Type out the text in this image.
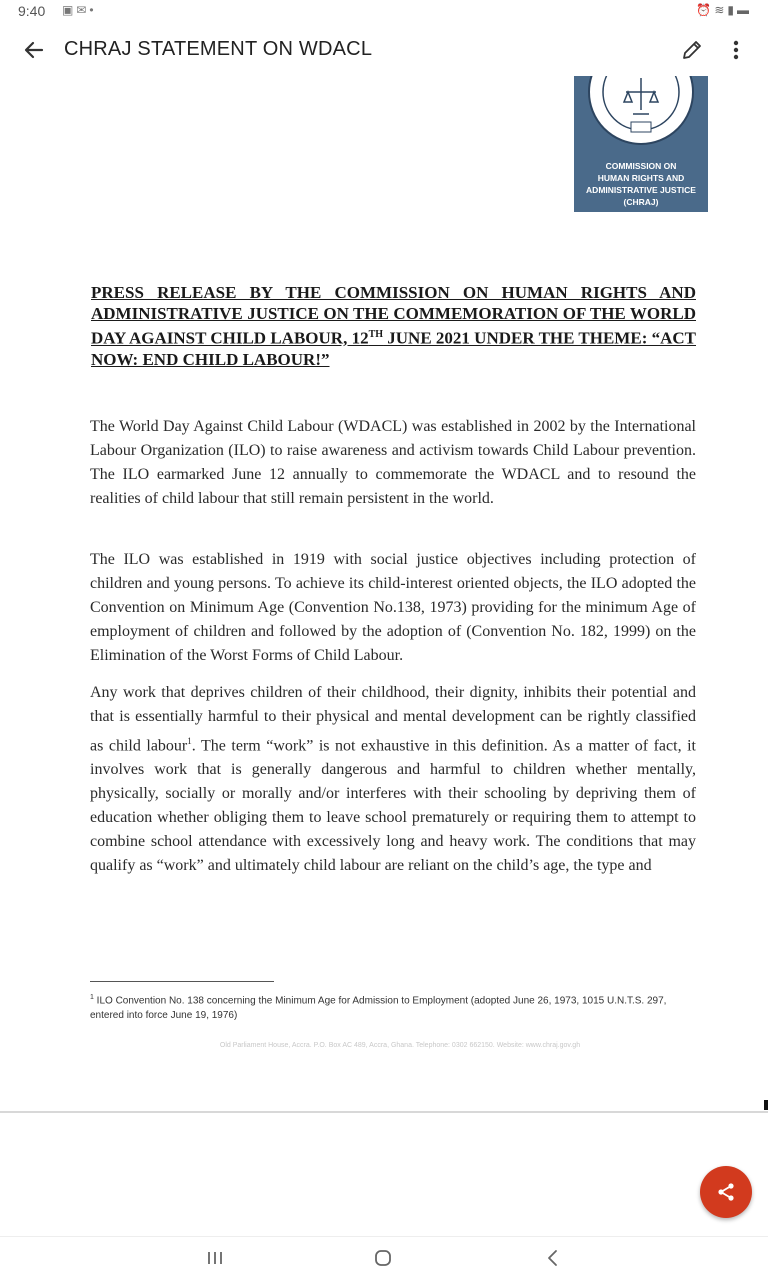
9:40 ▣✉•	⏰≋▮▬
CHRAJ STATEMENT ON WDACL
COMMISSION ON
HUMAN RIGHTS AND
ADMINISTRATIVE JUSTICE
(CHRAJ)
PRESS RELEASE BY THE COMMISSION ON HUMAN RIGHTS AND ADMINISTRATIVE JUSTICE ON THE COMMEMORATION OF THE WORLD DAY AGAINST CHILD LABOUR, 12TH JUNE 2021 UNDER THE THEME: “ACT NOW: END CHILD LABOUR!”
The World Day Against Child Labour (WDACL) was established in 2002 by the International Labour Organization (ILO) to raise awareness and activism towards Child Labour prevention. The ILO earmarked June 12 annually to commemorate the WDACL and to resound the realities of child labour that still remain persistent in the world.
The ILO was established in 1919 with social justice objectives including protection of children and young persons. To achieve its child-interest oriented objects, the ILO adopted the Convention on Minimum Age (Convention No.138, 1973) providing for the minimum Age of employment of children and followed by the adoption of (Convention No. 182, 1999) on the Elimination of the Worst Forms of Child Labour.
Any work that deprives children of their childhood, their dignity, inhibits their potential and that is essentially harmful to their physical and mental development can be rightly classified as child labour$^1$. The term “work” is not exhaustive in this definition. As a matter of fact, it involves work that is generally dangerous and harmful to children whether mentally, physically, socially or morally and/or interferes with their schooling by depriving them of education whether obliging them to leave school prematurely or requiring them to attempt to combine school attendance with excessively long and heavy work. The conditions that may qualify as “work” and ultimately child labour are reliant on the child’s age, the type and
$^1$ ILO Convention No. 138 concerning the Minimum Age for Admission to Employment (adopted June 26, 1973, 1015 U.N.T.S. 297, entered into force June 19, 1976)
Old Parliament House, Accra. P.O. Box AC 489, Accra, Ghana. Telephone: 0302 662150. Website: www.chraj.gov.gh
